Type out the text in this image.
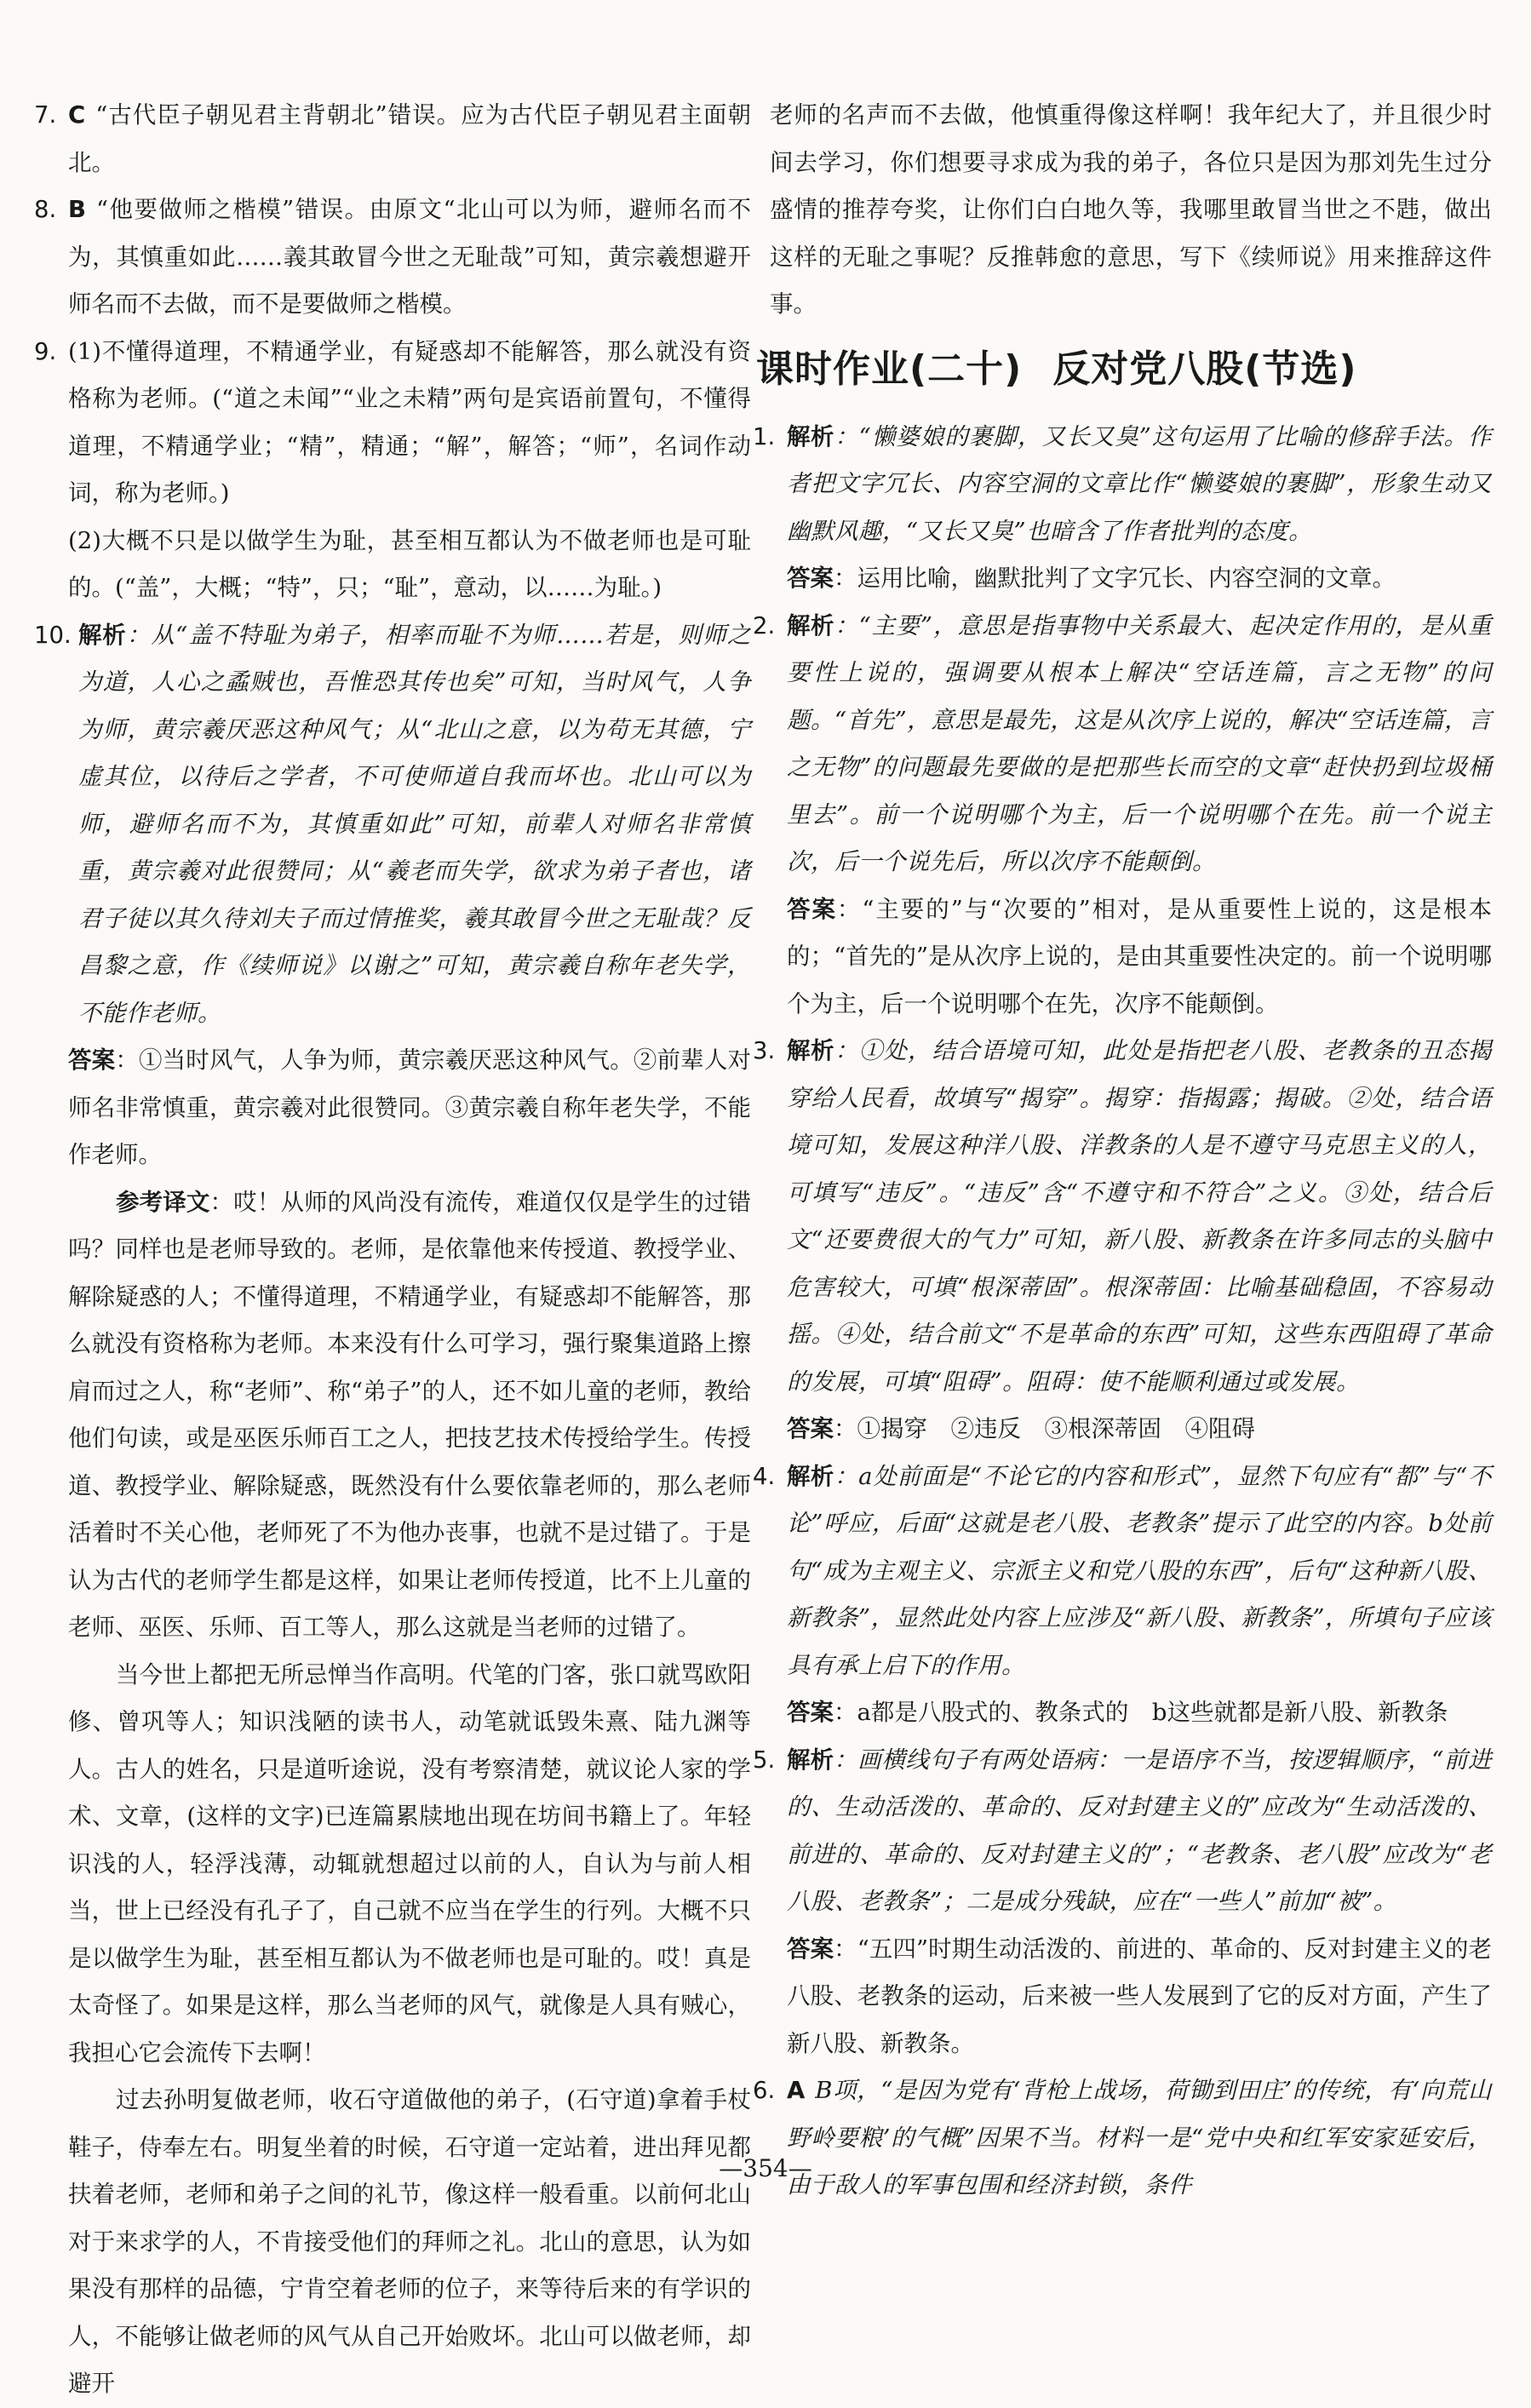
7. C “古代臣子朝见君主背朝北”错误。应为古代臣子朝见君主面朝北。
8. B “他要做师之楷模”错误。由原文“北山可以为师，避师名而不为，其慎重如此……義其敢冒今世之无耻哉”可知，黄宗羲想避开师名而不去做，而不是要做师之楷模。
9. (1)不懂得道理，不精通学业，有疑惑却不能解答，那么就没有资格称为老师。(“道之未闻”“业之未精”两句是宾语前置句，不懂得道理，不精通学业；“精”，精通；“解”，解答；“师”，名词作动词，称为老师。)
(2)大概不只是以做学生为耻，甚至相互都认为不做老师也是可耻的。(“盖”，大概；“特”，只；“耻”，意动，以……为耻。)
10. 解析：从“盖不特耻为弟子，相率而耻不为师……若是，则师之为道，人心之蟊贼也，吾惟恐其传也矣”可知，当时风气，人争为师，黄宗羲厌恶这种风气；从“北山之意，以为苟无其德，宁虚其位，以待后之学者，不可使师道自我而坏也。北山可以为师，避师名而不为，其慎重如此”可知，前辈人对师名非常慎重，黄宗羲对此很赞同；从“羲老而失学，欲求为弟子者也，诸君子徒以其久待刘夫子而过情推奖，羲其敢冒今世之无耻哉？反昌黎之意，作《续师说》以谢之”可知，黄宗羲自称年老失学，不能作老师。
答案：①当时风气，人争为师，黄宗羲厌恶这种风气。②前辈人对师名非常慎重，黄宗羲对此很赞同。③黄宗羲自称年老失学，不能作老师。
参考译文：哎！从师的风尚没有流传，难道仅仅是学生的过错吗？同样也是老师导致的。老师，是依靠他来传授道、教授学业、解除疑惑的人；不懂得道理，不精通学业，有疑惑却不能解答，那么就没有资格称为老师。本来没有什么可学习，强行聚集道路上擦肩而过之人，称“老师”、称“弟子”的人，还不如儿童的老师，教给他们句读，或是巫医乐师百工之人，把技艺技术传授给学生。传授道、教授学业、解除疑惑，既然没有什么要依靠老师的，那么老师活着时不关心他，老师死了不为他办丧事，也就不是过错了。于是认为古代的老师学生都是这样，如果让老师传授道，比不上儿童的老师、巫医、乐师、百工等人，那么这就是当老师的过错了。
当今世上都把无所忌惮当作高明。代笔的门客，张口就骂欧阳修、曾巩等人；知识浅陋的读书人，动笔就诋毁朱熹、陆九渊等人。古人的姓名，只是道听途说，没有考察清楚，就议论人家的学术、文章，(这样的文字)已连篇累牍地出现在坊间书籍上了。年轻识浅的人，轻浮浅薄，动辄就想超过以前的人，自认为与前人相当，世上已经没有孔子了，自己就不应当在学生的行列。大概不只是以做学生为耻，甚至相互都认为不做老师也是可耻的。哎！真是太奇怪了。如果是这样，那么当老师的风气，就像是人具有贼心，我担心它会流传下去啊！
过去孙明复做老师，收石守道做他的弟子，(石守道)拿着手杖鞋子，侍奉左右。明复坐着的时候，石守道一定站着，进出拜见都扶着老师，老师和弟子之间的礼节，像这样一般看重。以前何北山对于来求学的人，不肯接受他们的拜师之礼。北山的意思，认为如果没有那样的品德，宁肯空着老师的位子，来等待后来的有学识的人，不能够让做老师的风气从自己开始败坏。北山可以做老师，却避开
老师的名声而不去做，他慎重得像这样啊！我年纪大了，并且很少时间去学习，你们想要寻求成为我的弟子，各位只是因为那刘先生过分盛情的推荐夸奖，让你们白白地久等，我哪里敢冒当世之不韪，做出这样的无耻之事呢？反推韩愈的意思，写下《续师说》用来推辞这件事。
课时作业(二十) 反对党八股(节选)
1. 解析：“懒婆娘的裹脚，又长又臭”这句运用了比喻的修辞手法。作者把文字冗长、内容空洞的文章比作“懒婆娘的裹脚”，形象生动又幽默风趣，“又长又臭”也暗含了作者批判的态度。
答案：运用比喻，幽默批判了文字冗长、内容空洞的文章。
2. 解析：“主要”，意思是指事物中关系最大、起决定作用的，是从重要性上说的，强调要从根本上解决“空话连篇，言之无物”的问题。“首先”，意思是最先，这是从次序上说的，解决“空话连篇，言之无物”的问题最先要做的是把那些长而空的文章“赶快扔到垃圾桶里去”。前一个说明哪个为主，后一个说明哪个在先。前一个说主次，后一个说先后，所以次序不能颠倒。
答案：“主要的”与“次要的”相对，是从重要性上说的，这是根本的；“首先的”是从次序上说的，是由其重要性决定的。前一个说明哪个为主，后一个说明哪个在先，次序不能颠倒。
3. 解析：①处，结合语境可知，此处是指把老八股、老教条的丑态揭穿给人民看，故填写“揭穿”。揭穿：指揭露；揭破。②处，结合语境可知，发展这种洋八股、洋教条的人是不遵守马克思主义的人，可填写“违反”。“违反”含“不遵守和不符合”之义。③处，结合后文“还要费很大的气力”可知，新八股、新教条在许多同志的头脑中危害较大，可填“根深蒂固”。根深蒂固：比喻基础稳固，不容易动摇。④处，结合前文“不是革命的东西”可知，这些东西阻碍了革命的发展，可填“阻碍”。阻碍：使不能顺利通过或发展。
答案：①揭穿　②违反　③根深蒂固　④阻碍
4. 解析：a处前面是“不论它的内容和形式”，显然下句应有“都”与“不论”呼应，后面“这就是老八股、老教条”提示了此空的内容。b处前句“成为主观主义、宗派主义和党八股的东西”，后句“这种新八股、新教条”，显然此处内容上应涉及“新八股、新教条”，所填句子应该具有承上启下的作用。
答案：a都是八股式的、教条式的　b这些就都是新八股、新教条
5. 解析：画横线句子有两处语病：一是语序不当，按逻辑顺序，“前进的、生动活泼的、革命的、反对封建主义的”应改为“生动活泼的、前进的、革命的、反对封建主义的”；“老教条、老八股”应改为“老八股、老教条”；二是成分残缺，应在“一些人”前加“被”。
答案：“五四”时期生动活泼的、前进的、革命的、反对封建主义的老八股、老教条的运动，后来被一些人发展到了它的反对方面，产生了新八股、新教条。
6. A B项，“是因为党有‘背枪上战场，荷锄到田庄’的传统，有‘向荒山野岭要粮’的气概”因果不当。材料一是“党中央和红军安家延安后，由于敌人的军事包围和经济封锁，条件
—354—
